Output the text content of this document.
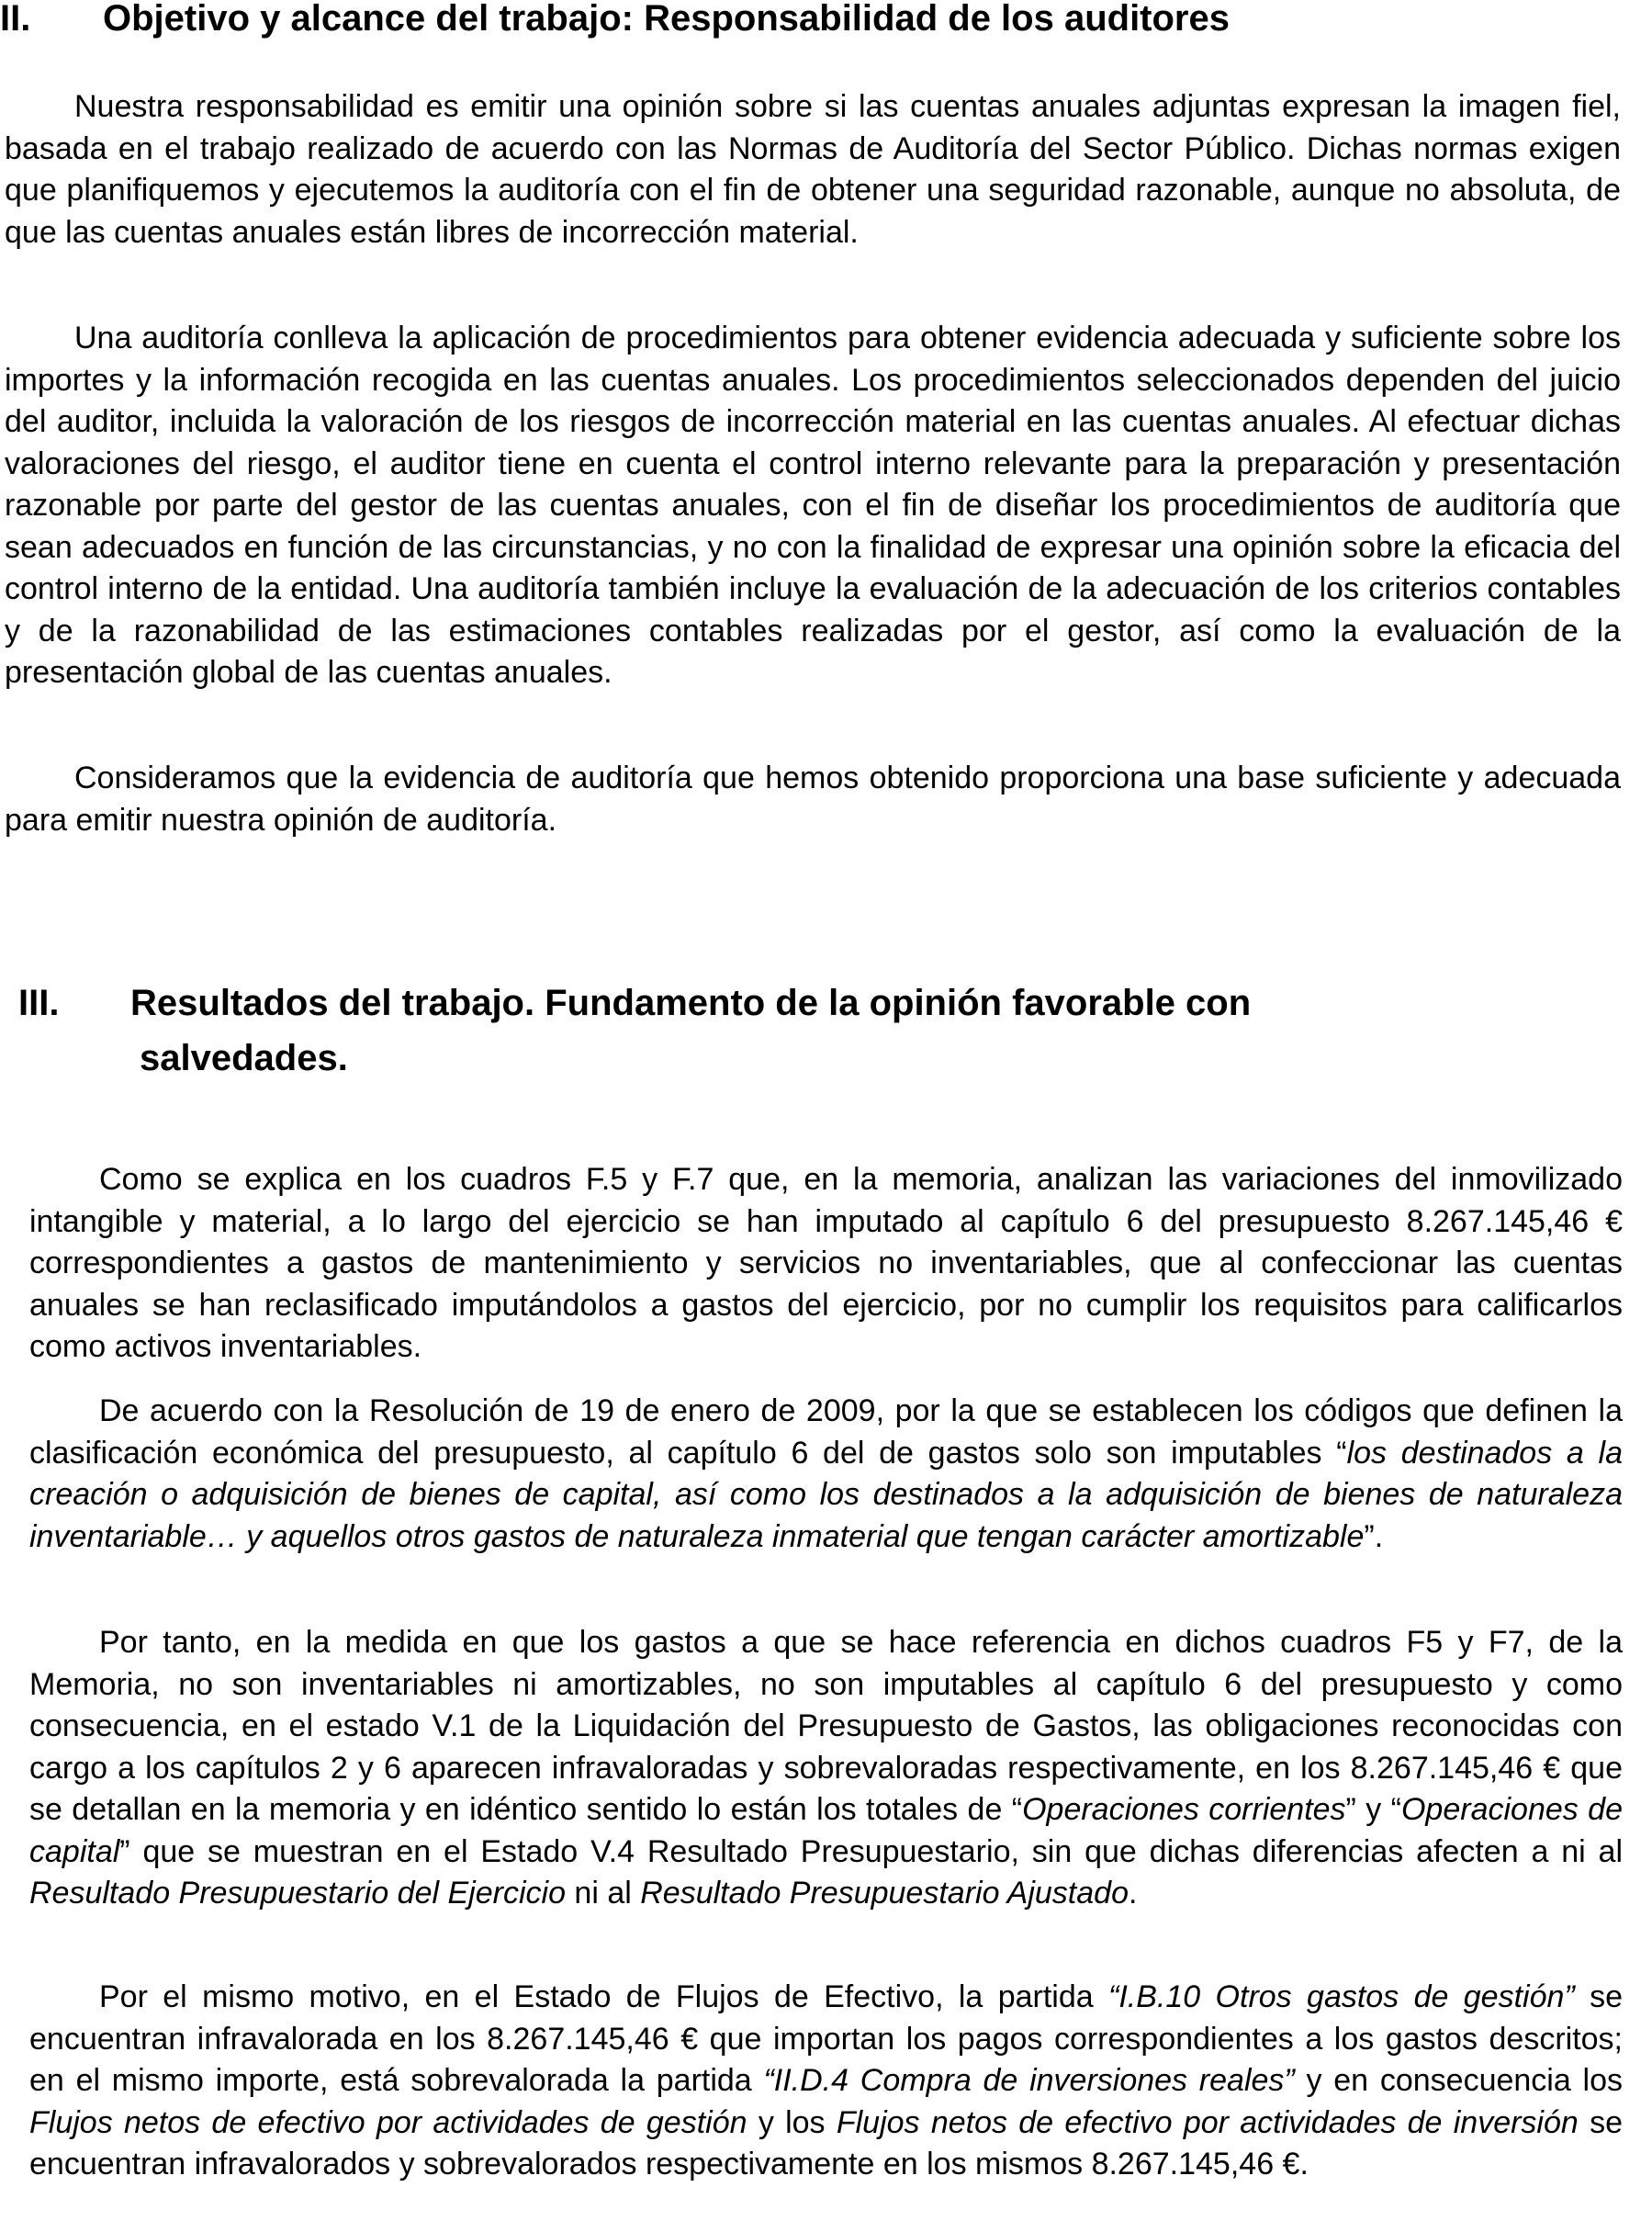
II. Objetivo y alcance del trabajo: Responsabilidad de los auditores

Nuestra responsabilidad es emitir una opinión sobre si las cuentas anuales adjuntas expresan la imagen fiel, basada en el trabajo realizado de acuerdo con las Normas de Auditoría del Sector Público. Dichas normas exigen que planifiquemos y ejecutemos la auditoría con el fin de obtener una seguridad razonable, aunque no absoluta, de que las cuentas anuales están libres de incorrección material.

Una auditoría conlleva la aplicación de procedimientos para obtener evidencia adecuada y suficiente sobre los importes y la información recogida en las cuentas anuales. Los procedimientos seleccionados dependen del juicio del auditor, incluida la valoración de los riesgos de incorrección material en las cuentas anuales. Al efectuar dichas valoraciones del riesgo, el auditor tiene en cuenta el control interno relevante para la preparación y presentación razonable por parte del gestor de las cuentas anuales, con el fin de diseñar los procedimientos de auditoría que sean adecuados en función de las circunstancias, y no con la finalidad de expresar una opinión sobre la eficacia del control interno de la entidad. Una auditoría también incluye la evaluación de la adecuación de los criterios contables y de la razonabilidad de las estimaciones contables realizadas por el gestor, así como la evaluación de la presentación global de las cuentas anuales.

Consideramos que la evidencia de auditoría que hemos obtenido proporciona una base suficiente y adecuada para emitir nuestra opinión de auditoría.

III. Resultados del trabajo. Fundamento de la opinión favorable con
salvedades.

Como se explica en los cuadros F.5 y F.7 que, en la memoria, analizan las variaciones del inmovilizado intangible y material, a lo largo del ejercicio se han imputado al capítulo 6 del presupuesto 8.267.145,46 € correspondientes a gastos de mantenimiento y servicios no inventariables, que al confeccionar las cuentas anuales se han reclasificado imputándolos a gastos del ejercicio, por no cumplir los requisitos para calificarlos como activos inventariables.

De acuerdo con la Resolución de 19 de enero de 2009, por la que se establecen los códigos que definen la clasificación económica del presupuesto, al capítulo 6 del de gastos solo son imputables “los destinados a la creación o adquisición de bienes de capital, así como los destinados a la adquisición de bienes de naturaleza inventariable… y aquellos otros gastos de naturaleza inmaterial que tengan carácter amortizable”.

Por tanto, en la medida en que los gastos a que se hace referencia en dichos cuadros F5 y F7, de la Memoria, no son inventariables ni amortizables, no son imputables al capítulo 6 del presupuesto y como consecuencia, en el estado V.1 de la Liquidación del Presupuesto de Gastos, las obligaciones reconocidas con cargo a los capítulos 2 y 6 aparecen infravaloradas y sobrevaloradas respectivamente, en los 8.267.145,46 € que se detallan en la memoria y en idéntico sentido lo están los totales de “Operaciones corrientes” y “Operaciones de capital” que se muestran en el Estado V.4 Resultado Presupuestario, sin que dichas diferencias afecten a ni al Resultado Presupuestario del Ejercicio ni al Resultado Presupuestario Ajustado.

Por el mismo motivo, en el Estado de Flujos de Efectivo, la partida “I.B.10 Otros gastos de gestión” se encuentran infravalorada en los 8.267.145,46 € que importan los pagos correspondientes a los gastos descritos; en el mismo importe, está sobrevalorada la partida “II.D.4 Compra de inversiones reales” y en consecuencia los Flujos netos de efectivo por actividades de gestión y los Flujos netos de efectivo por actividades de inversión se encuentran infravalorados y sobrevalorados respectivamente en los mismos 8.267.145,46 €.
